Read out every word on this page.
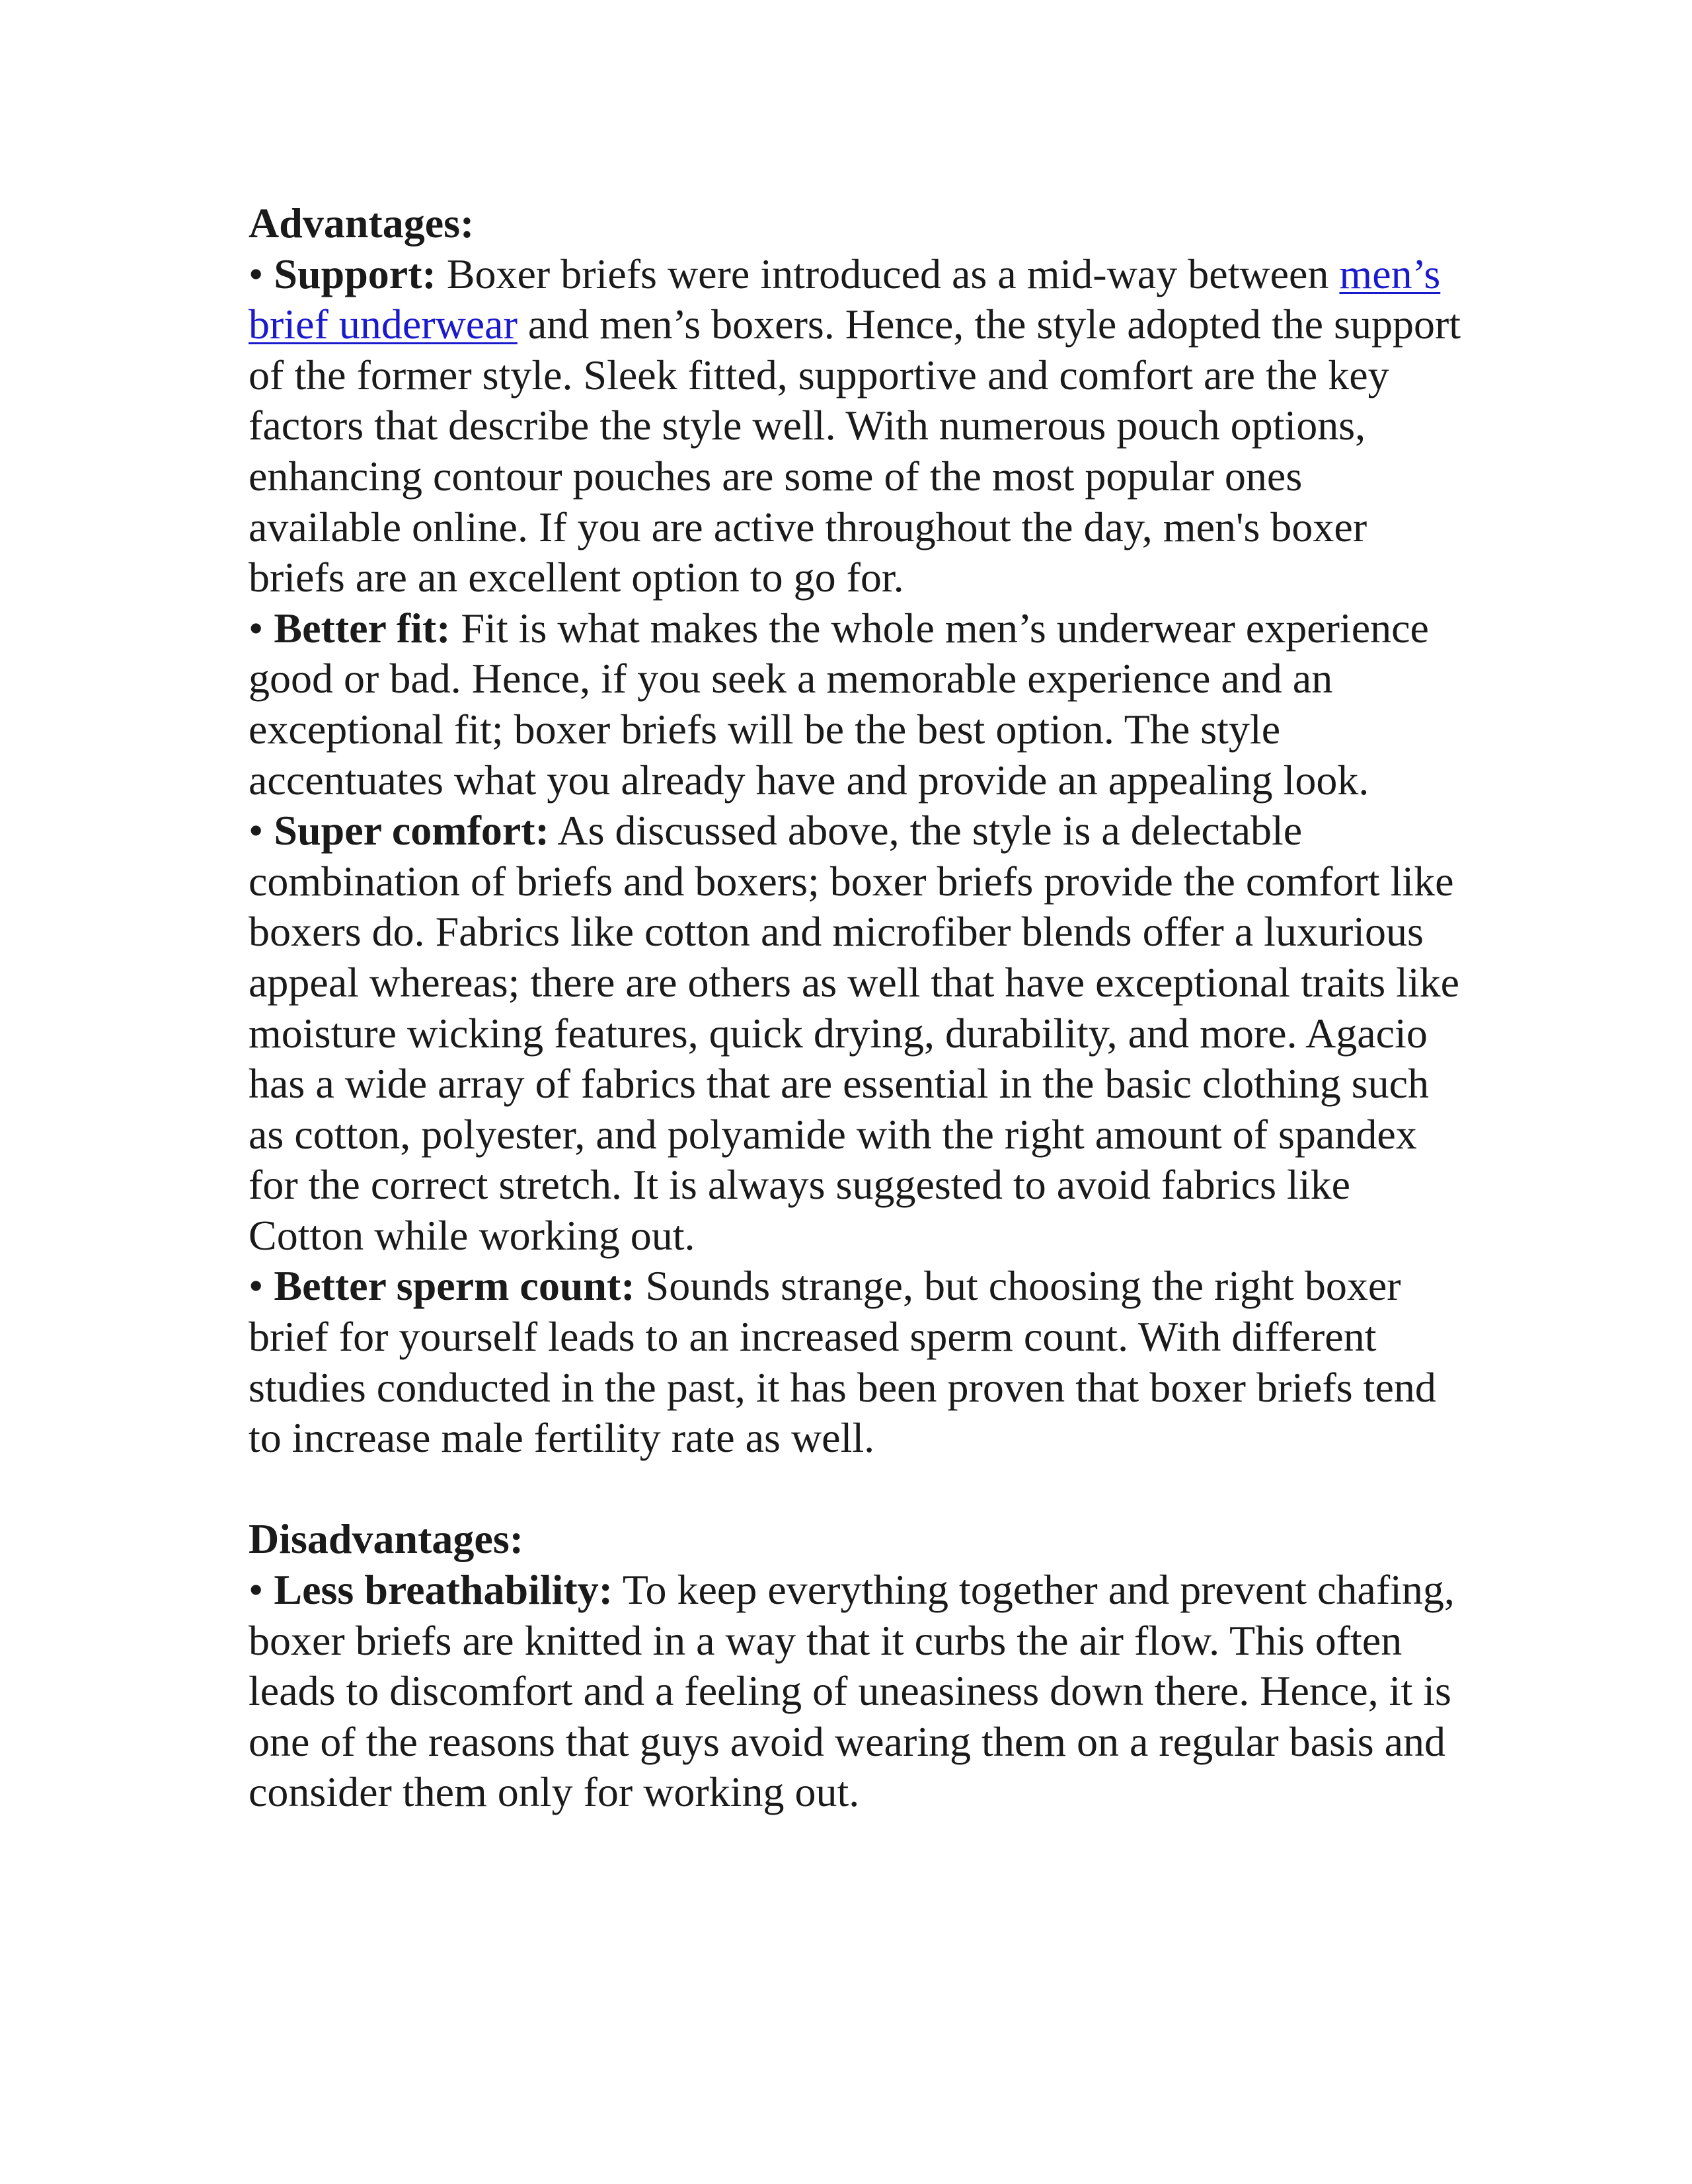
Advantages:

• Support: Boxer briefs were introduced as a mid-way between men’s brief underwear and men’s boxers. Hence, the style adopted the support of the former style. Sleek fitted, supportive and comfort are the key factors that describe the style well. With numerous pouch options, enhancing contour pouches are some of the most popular ones available online. If you are active throughout the day, men's boxer briefs are an excellent option to go for.

• Better fit: Fit is what makes the whole men’s underwear experience good or bad. Hence, if you seek a memorable experience and an exceptional fit; boxer briefs will be the best option. The style accentuates what you already have and provide an appealing look.

• Super comfort: As discussed above, the style is a delectable combination of briefs and boxers; boxer briefs provide the comfort like boxers do. Fabrics like cotton and microfiber blends offer a luxurious appeal whereas; there are others as well that have exceptional traits like moisture wicking features, quick drying, durability, and more. Agacio has a wide array of fabrics that are essential in the basic clothing such as cotton, polyester, and polyamide with the right amount of spandex for the correct stretch. It is always suggested to avoid fabrics like Cotton while working out.

• Better sperm count: Sounds strange, but choosing the right boxer brief for yourself leads to an increased sperm count. With different studies conducted in the past, it has been proven that boxer briefs tend to increase male fertility rate as well.

Disadvantages:

• Less breathability: To keep everything together and prevent chafing, boxer briefs are knitted in a way that it curbs the air flow. This often leads to discomfort and a feeling of uneasiness down there. Hence, it is one of the reasons that guys avoid wearing them on a regular basis and consider them only for working out.
